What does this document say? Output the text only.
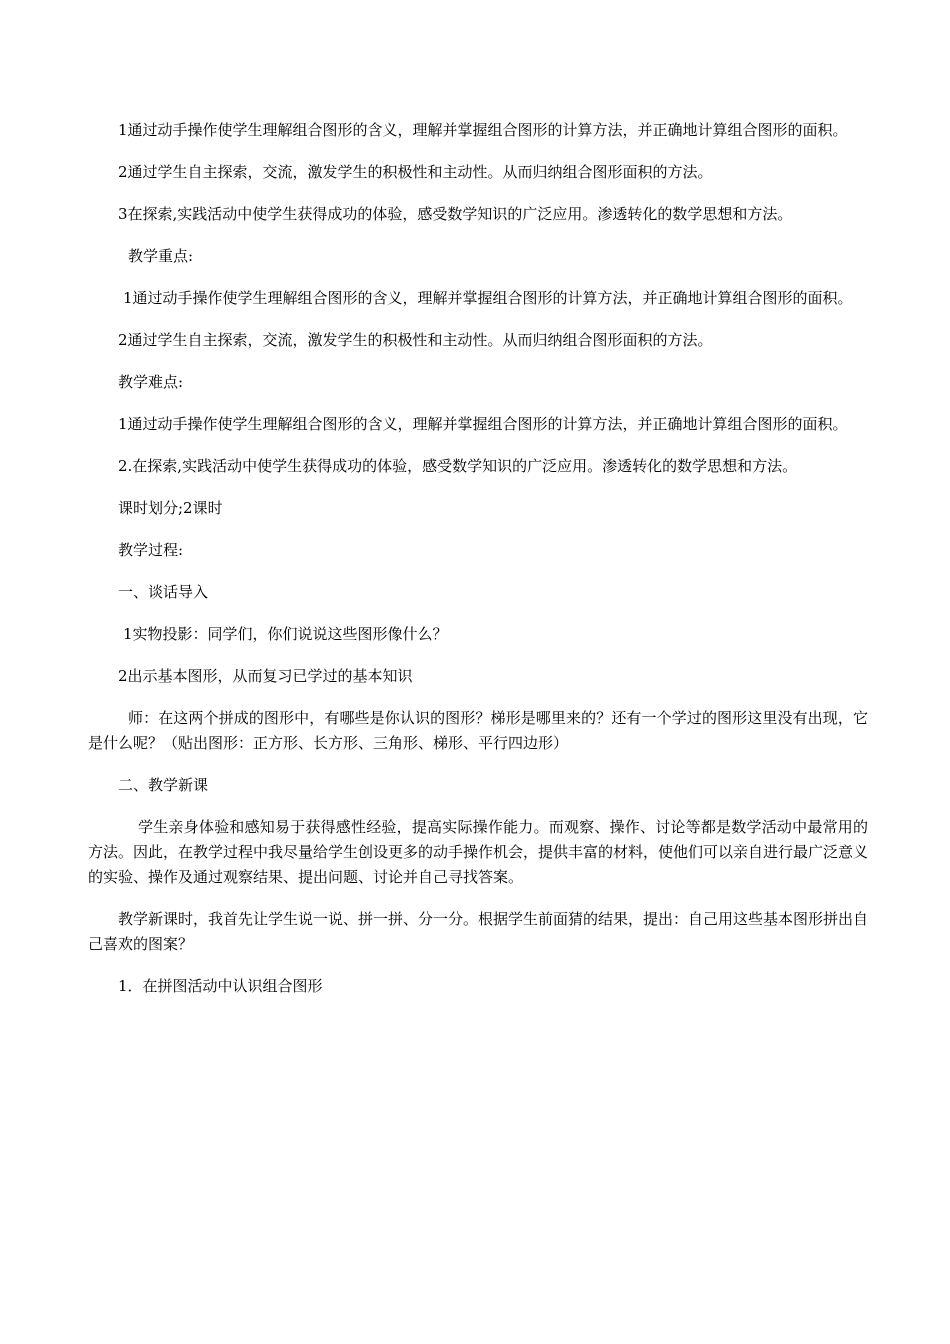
1通过动手操作使学生理解组合图形的含义，理解并掌握组合图形的计算方法，并正确地计算组合图形的面积。

2通过学生自主探索，交流，激发学生的积极性和主动性。从而归纳组合图形面积的方法。

3在探索,实践活动中使学生获得成功的体验，感受数学知识的广泛应用。渗透转化的数学思想和方法。

教学重点:

1通过动手操作使学生理解组合图形的含义，理解并掌握组合图形的计算方法，并正确地计算组合图形的面积。

2通过学生自主探索，交流，激发学生的积极性和主动性。从而归纳组合图形面积的方法。

教学难点:

1通过动手操作使学生理解组合图形的含义，理解并掌握组合图形的计算方法，并正确地计算组合图形的面积。

2.在探索,实践活动中使学生获得成功的体验，感受数学知识的广泛应用。渗透转化的数学思想和方法。

课时划分;2课时

教学过程:

一、谈话导入

1实物投影：同学们，你们说说这些图形像什么？

2出示基本图形，从而复习已学过的基本知识

师：在这两个拼成的图形中，有哪些是你认识的图形？梯形是哪里来的？还有一个学过的图形这里没有出现，它是什么呢？（贴出图形：正方形、长方形、三角形、梯形、平行四边形）

二、教学新课

学生亲身体验和感知易于获得感性经验，提高实际操作能力。而观察、操作、讨论等都是数学活动中最常用的方法。因此，在教学过程中我尽量给学生创设更多的动手操作机会，提供丰富的材料，使他们可以亲自进行最广泛意义的实验、操作及通过观察结果、提出问题、讨论并自己寻找答案。

教学新课时，我首先让学生说一说、拼一拼、分一分。根据学生前面猜的结果，提出：自己用这些基本图形拼出自己喜欢的图案？

1．在拼图活动中认识组合图形
